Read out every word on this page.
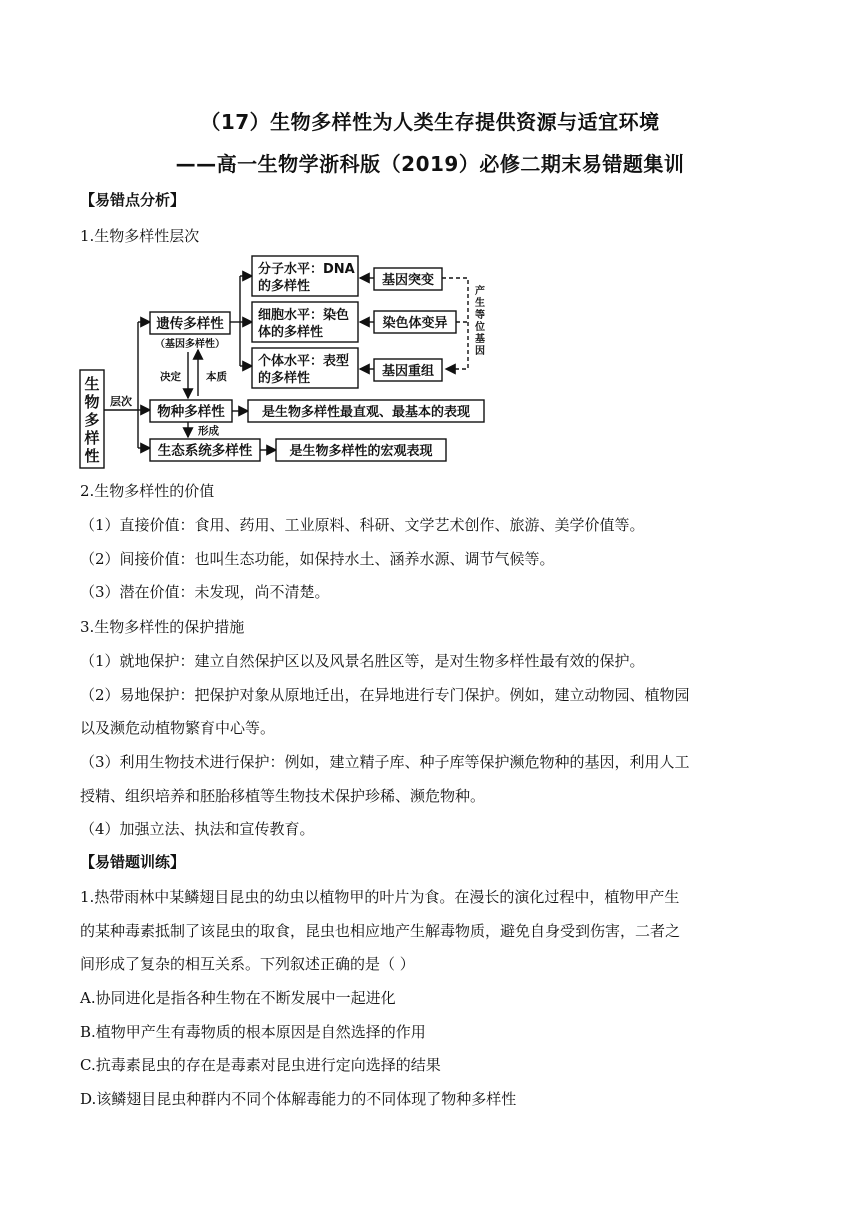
（17）生物多样性为人类生存提供资源与适宜环境
——高一生物学浙科版（2019）必修二期末易错题集训
【易错点分析】
1.生物多样性层次
生
物
多
样
性
层次
遗传多样性
（基因多样性）
决定 本质
形成
物种多样性
生态系统多样性
分子水平：DNA
的多样性
细胞水平：染色
体的多样性
个体水平：表型
的多样性
基因突变
染色体变异
基因重组
产
生
等
位
基
因
是生物多样性最直观、最基本的表现
是生物多样性的宏观表现
2.生物多样性的价值
（1）直接价值：食用、药用、工业原料、科研、文学艺术创作、旅游、美学价值等。
（2）间接价值：也叫生态功能，如保持水土、涵养水源、调节气候等。
（3）潜在价值：未发现，尚不清楚。
3.生物多样性的保护措施
（1）就地保护：建立自然保护区以及风景名胜区等，是对生物多样性最有效的保护。
（2）易地保护：把保护对象从原地迁出，在异地进行专门保护。例如，建立动物园、植物园
以及濒危动植物繁育中心等。
（3）利用生物技术进行保护：例如，建立精子库、种子库等保护濒危物种的基因，利用人工
授精、组织培养和胚胎移植等生物技术保护珍稀、濒危物种。
（4）加强立法、执法和宣传教育。
【易错题训练】
1.热带雨林中某鳞翅目昆虫的幼虫以植物甲的叶片为食。在漫长的演化过程中，植物甲产生
的某种毒素抵制了该昆虫的取食，昆虫也相应地产生解毒物质，避免自身受到伤害，二者之
间形成了复杂的相互关系。下列叙述正确的是（ ）
A.协同进化是指各种生物在不断发展中一起进化
B.植物甲产生有毒物质的根本原因是自然选择的作用
C.抗毒素昆虫的存在是毒素对昆虫进行定向选择的结果
D.该鳞翅目昆虫种群内不同个体解毒能力的不同体现了物种多样性
